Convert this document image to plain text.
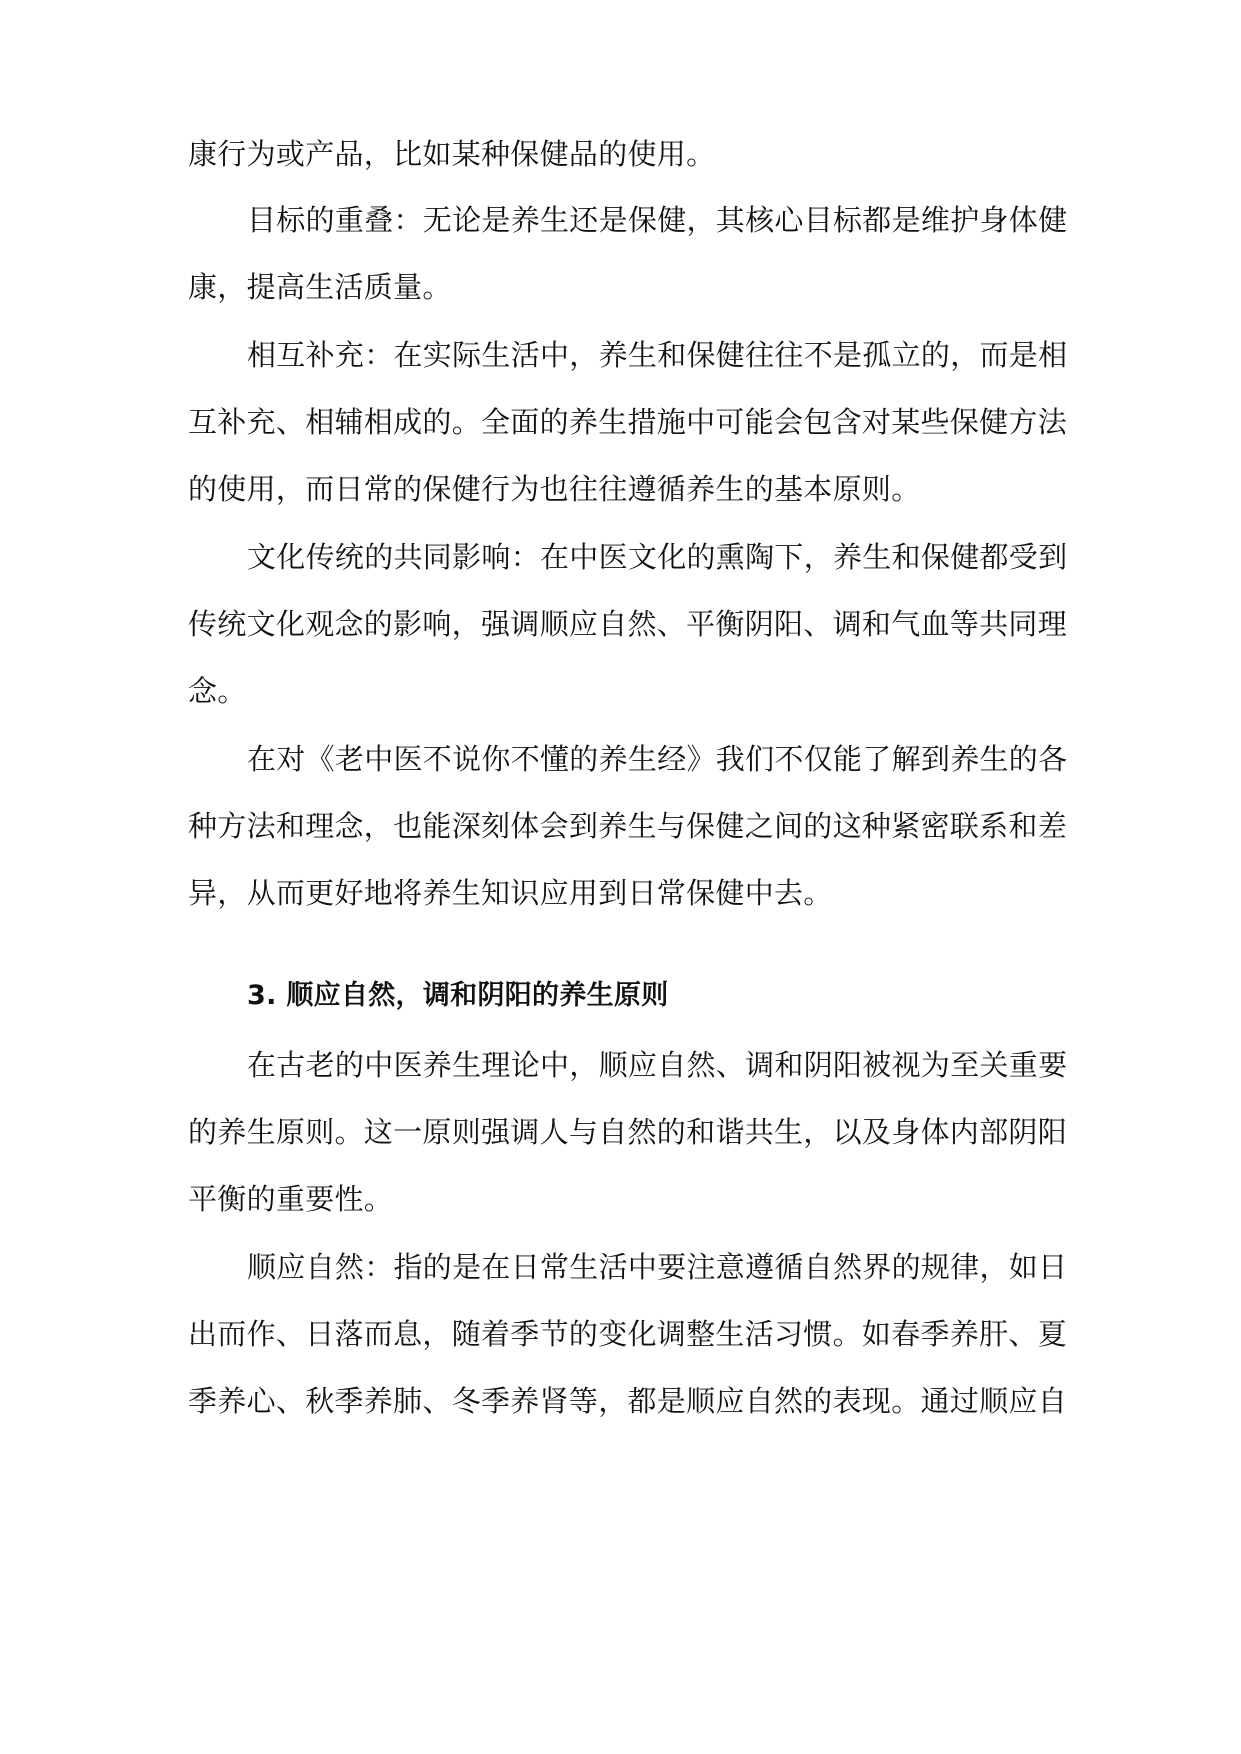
康行为或产品，比如某种保健品的使用。
目标的重叠：无论是养生还是保健，其核心目标都是维护身体健
康，提高生活质量。
相互补充：在实际生活中，养生和保健往往不是孤立的，而是相
互补充、相辅相成的。全面的养生措施中可能会包含对某些保健方法
的使用，而日常的保健行为也往往遵循养生的基本原则。
文化传统的共同影响：在中医文化的熏陶下，养生和保健都受到
传统文化观念的影响，强调顺应自然、平衡阴阳、调和气血等共同理
念。
在对《老中医不说你不懂的养生经》我们不仅能了解到养生的各
种方法和理念，也能深刻体会到养生与保健之间的这种紧密联系和差
异，从而更好地将养生知识应用到日常保健中去。
3. 顺应自然，调和阴阳的养生原则
在古老的中医养生理论中，顺应自然、调和阴阳被视为至关重要
的养生原则。这一原则强调人与自然的和谐共生，以及身体内部阴阳
平衡的重要性。
顺应自然：指的是在日常生活中要注意遵循自然界的规律，如日
出而作、日落而息，随着季节的变化调整生活习惯。如春季养肝、夏
季养心、秋季养肺、冬季养肾等，都是顺应自然的表现。通过顺应自
